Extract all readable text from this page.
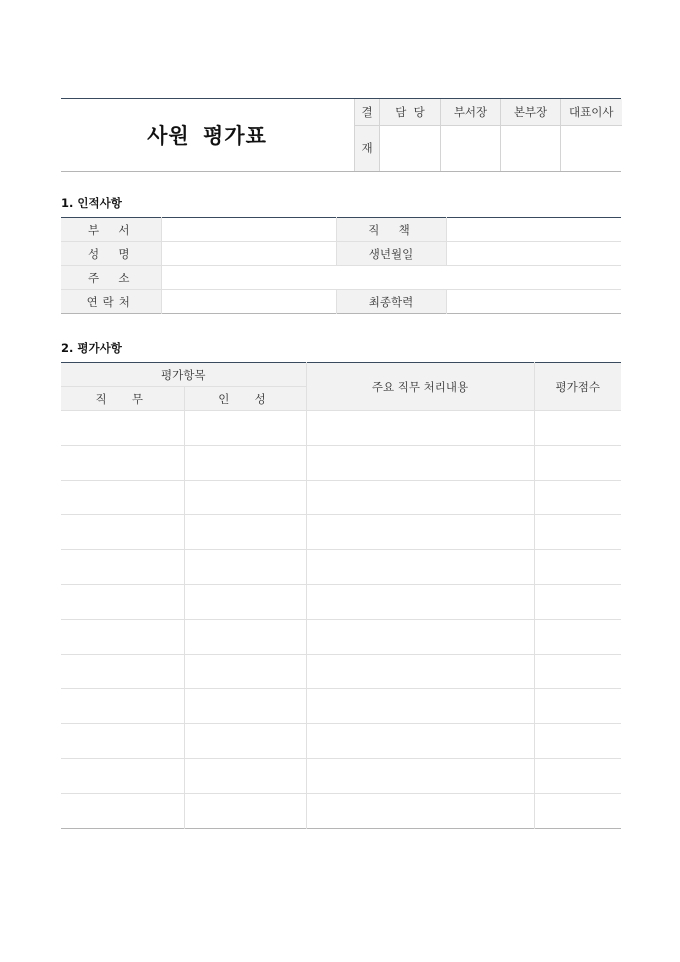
사원 평가표
결	담  당	부서장	본부장	대표이사
재				
1. 인적사항
부  서		직  책	
성  명		생년월일	
주  소			
연락처		최종학력	
2. 평가사항
평가항목		주요 직무 처리내용	평가점수
직  무	인  성		
